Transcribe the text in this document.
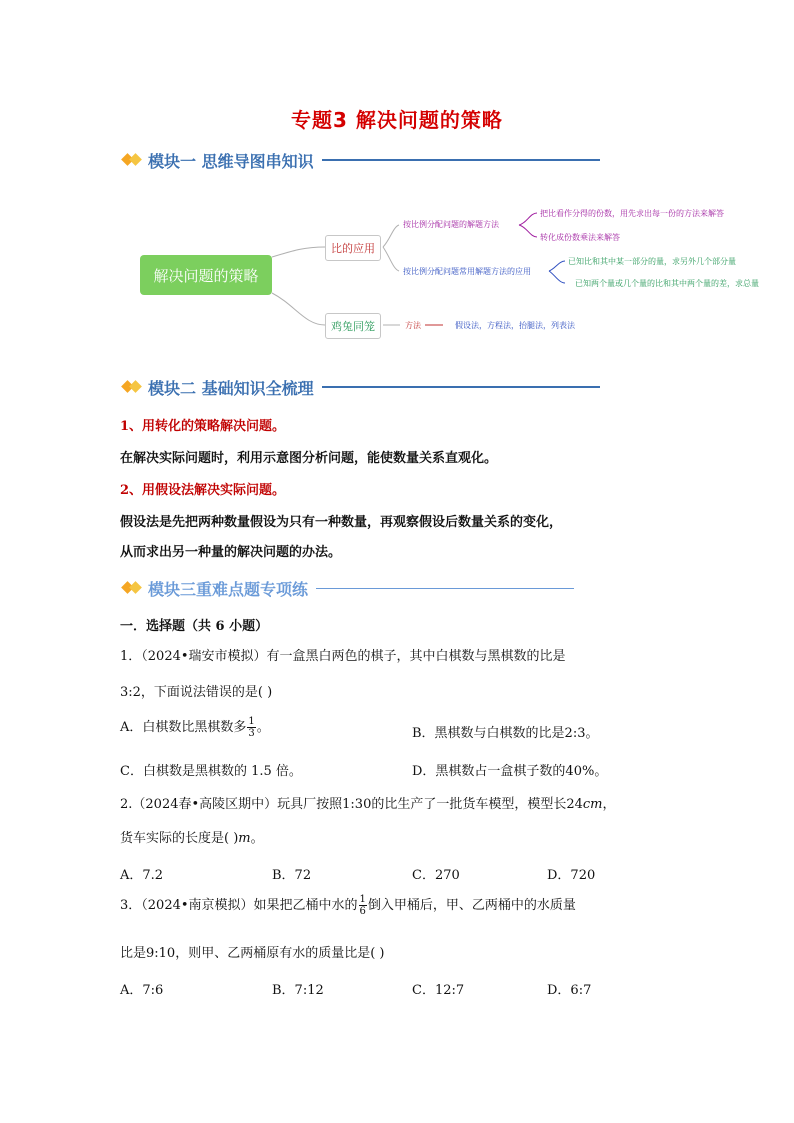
专题3 解决问题的策略
模块一 思维导图串知识
解决问题的策略
比的应用
鸡兔同笼
按比例分配问题的解题方法
把比看作分得的份数，用先求出每一份的方法来解答
转化成份数乘法来解答
按比例分配问题常用解题方法的应用
已知比和其中某一部分的量，求另外几个部分量
已知两个量或几个量的比和其中两个量的差，求总量
方法	假设法，方程法，抬腿法，列表法
模块二 基础知识全梳理
1、用转化的策略解决问题。
在解决实际问题时，利用示意图分析问题，能使数量关系直观化。
2、用假设法解决实际问题。
假设法是先把两种数量假设为只有一种数量，再观察假设后数量关系的变化，
从而求出另一种量的解决问题的办法。
模块三重难点题专项练
一．选择题（共 6 小题）
1．（2024•瑞安市模拟）有一盒黑白两色的棋子，其中白棋数与黑棋数的比是
3:2，下面说法错误的是( )
A．白棋数比黑棋数多 $\frac{1}{3}$ 。	B．黑棋数与白棋数的比是2:3。
C．白棋数是黑棋数的 1.5 倍。	D．黑棋数占一盒棋子数的40%。
2.（2024春•高陵区期中）玩具厂按照1:30的比生产了一批货车模型，模型长24cm，
货车实际的长度是( )m。
A．7.2	B．72	C．270	D．720
3．（2024•南京模拟）如果把乙桶中水的 $\frac{1}{6}$ 倒入甲桶后，甲、乙两桶中的水质量
比是9:10，则甲、乙两桶原有水的质量比是( )
A．7:6	B．7:12	C．12:7	D．6:7
